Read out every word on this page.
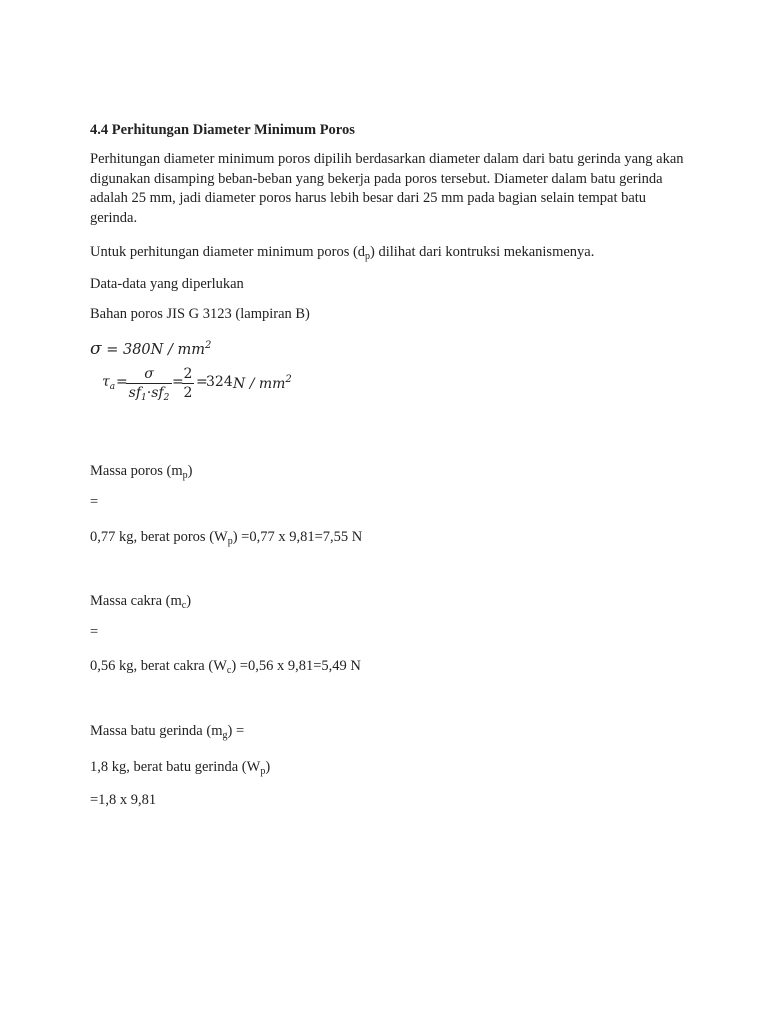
4.4 Perhitungan Diameter Minimum Poros
Perhitungan diameter minimum poros dipilih berdasarkan diameter dalam dari batu gerinda yang akan digunakan disamping beban-beban yang bekerja pada poros tersebut. Diameter dalam batu gerinda adalah 25 mm, jadi diameter poros harus lebih besar dari 25 mm pada bagian selain tempat batu gerinda.
Untuk perhitungan diameter minimum poros $(d_p)$ dilihat dari kontruksi mekanismenya.
Data-data yang diperlukan
Bahan poros JIS G 3123 (lampiran B)
$\sigma = 380N / mm^2$
$\tau_a$ =
$\frac{\sigma}{sf_1\cdot sf_2}$ =
$\frac{2}{2}$ =
324 N / $mm^2$
Massa poros $(m_p)$
=
0,77 kg, berat poros $(W_p) =0,77$ x 9,81=7,55 N
Massa cakra $(m_c)$
=
0,56 kg, berat cakra $(W_c) =0,56$ x 9,81=5,49 N
Massa batu gerinda $(m_g)$ =
1,8 kg, berat batu gerinda $(W_p)$
=1,8 x 9,81
